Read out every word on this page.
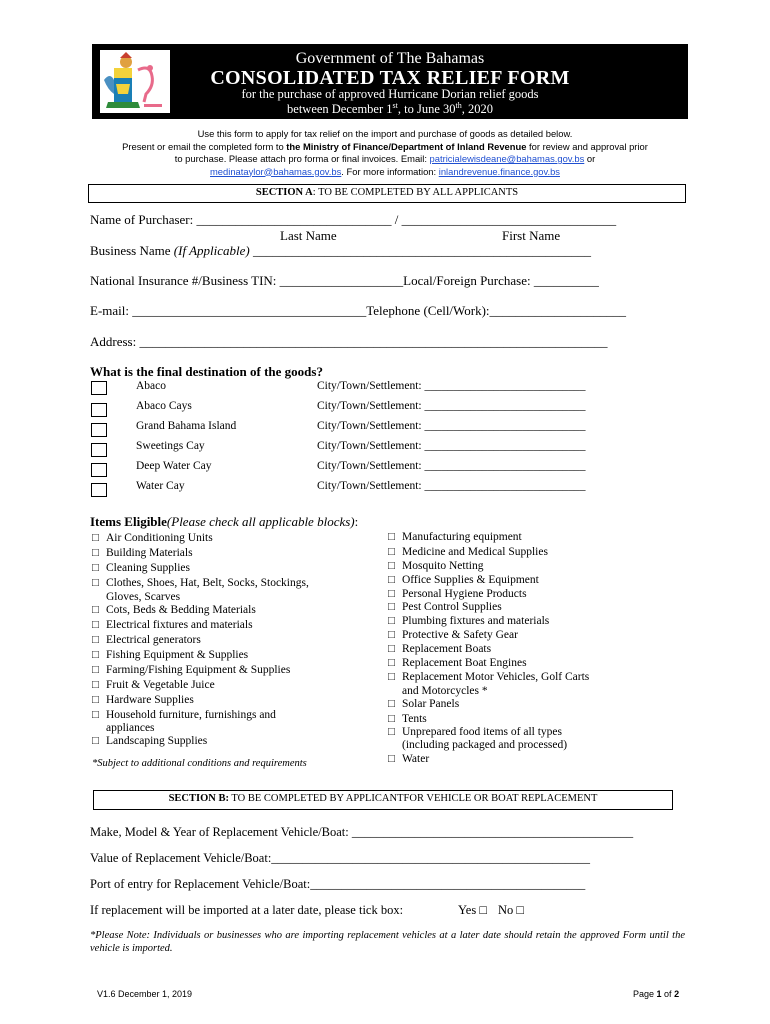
Government of The Bahamas
CONSOLIDATED TAX RELIEF FORM
for the purchase of approved Hurricane Dorian relief goods
between December 1st, to June 30th, 2020
Use this form to apply for tax relief on the import and purchase of goods as detailed below.
Present or email the completed form to the Ministry of Finance/Department of Inland Revenue for review and approval prior
to purchase. Please attach pro forma or final invoices. Email: patricialewisdeane@bahamas.gov.bs or
medinataylor@bahamas.gov.bs. For more information: inlandrevenue.finance.gov.bs
SECTION A: TO BE COMPLETED BY ALL APPLICANTS
Name of Purchaser: ______________________________ / _________________________________
Last Name	First Name
Business Name (If Applicable) ____________________________________________________
National Insurance #/Business TIN: ___________________Local/Foreign Purchase: __________
E-mail: ____________________________________Telephone (Cell/Work):_____________________
Address: ________________________________________________________________________
What is the final destination of the goods?
Abaco	City/Town/Settlement: ____________________________
Abaco Cays	City/Town/Settlement: ____________________________
Grand Bahama Island	City/Town/Settlement: ____________________________
Sweetings Cay	City/Town/Settlement: ____________________________
Deep Water Cay	City/Town/Settlement: ____________________________
Water Cay	City/Town/Settlement: ____________________________
Items Eligible(Please check all applicable blocks):
□ Air Conditioning Units
□ Building Materials
□ Cleaning Supplies
□ Clothes, Shoes, Hat, Belt, Socks, Stockings,
□ Cots, Beds & Bedding Materials
□ Electrical fixtures and materials
□ Electrical generators
□ Fishing Equipment & Supplies
□ Farming/Fishing Equipment & Supplies
□ Fruit & Vegetable Juice
□ Hardware Supplies
□ Household furniture, furnishings and
□ Landscaping Supplies
Gloves, Scarves
appliances
□ Manufacturing equipment
□ Medicine and Medical Supplies
□ Mosquito Netting
□ Office Supplies & Equipment
□ Personal Hygiene Products
□ Pest Control Supplies
□ Plumbing fixtures and materials
□ Protective & Safety Gear
□ Replacement Boats
□ Replacement Boat Engines
□ Replacement Motor Vehicles, Golf Carts
□ Solar Panels
□ Tents
□ Unprepared food items of all types
□ Water
and Motorcycles *
(including packaged and processed)
*Subject to additional conditions and requirements
SECTION B: TO BE COMPLETED BY APPLICANTFOR VEHICLE OR BOAT REPLACEMENT
Make, Model & Year of Replacement Vehicle/Boat: _____________________________________________
Value of Replacement Vehicle/Boat:___________________________________________________
Port of entry for Replacement Vehicle/Boat:____________________________________________
If replacement will be imported at a later date, please tick box:	Yes □ No □
*Please Note: Individuals or businesses who are importing replacement vehicles at a later date should retain the approved Form until the vehicle is imported.
V1.6 December 1, 2019	Page 1 of 2
